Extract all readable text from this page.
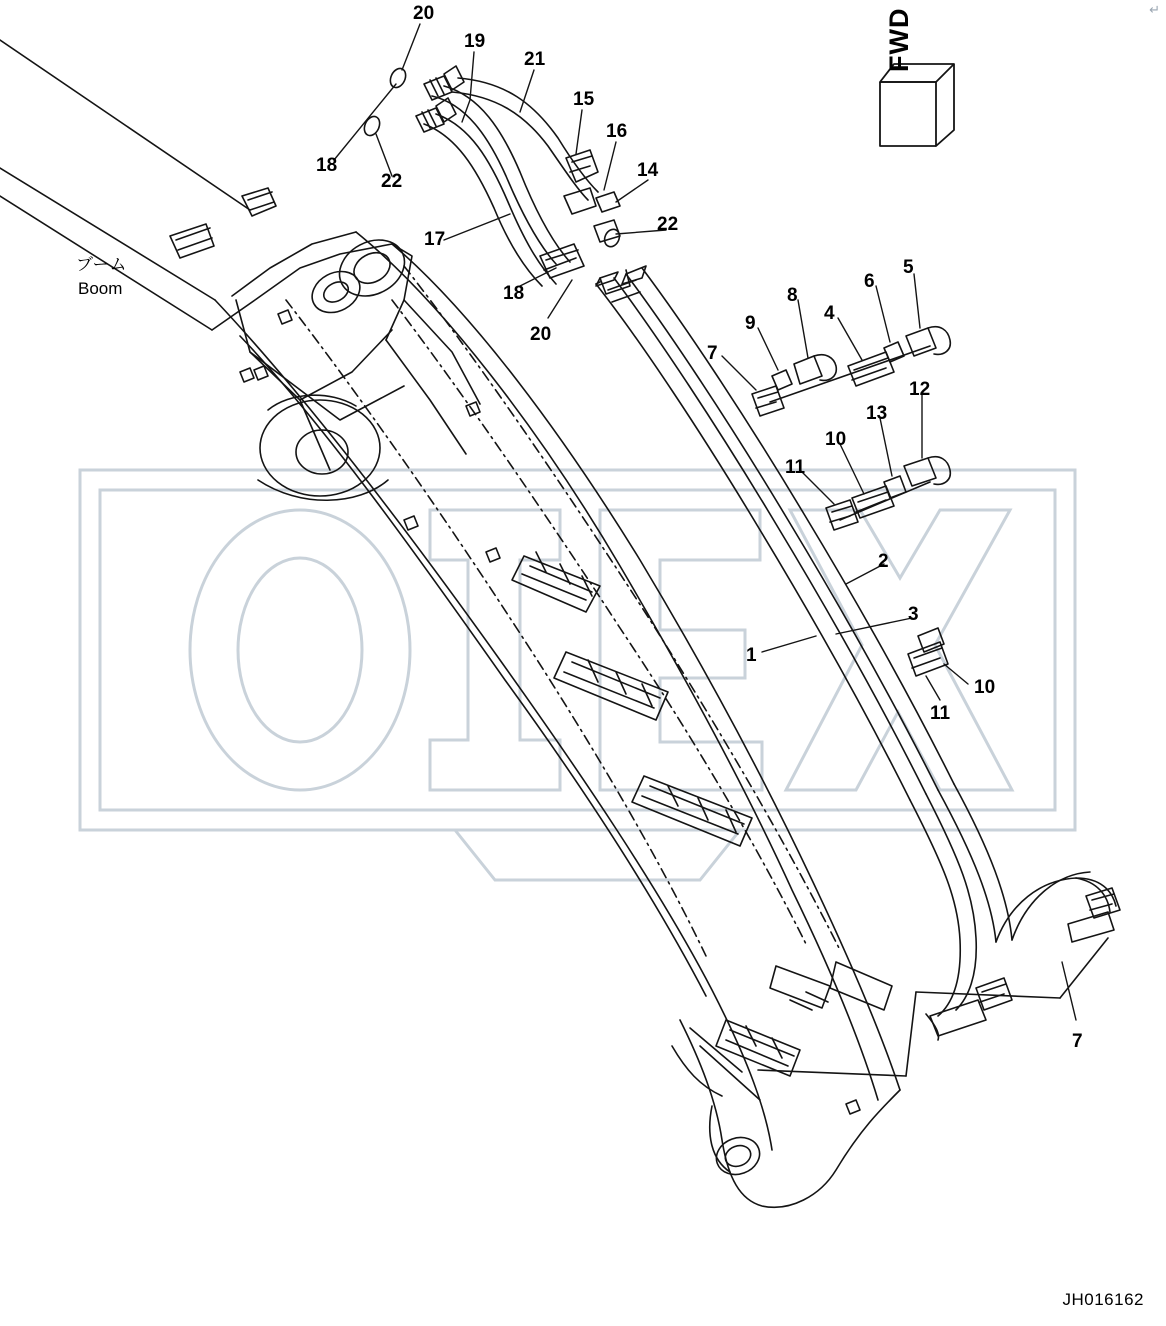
FWD
ブーム
Boom
20
19
21
15
16
18
22
14
22
17
18
20
8
6
5
4
9
7
12
13
10
11
2
3
1
10
11
7
JH016162
↵
